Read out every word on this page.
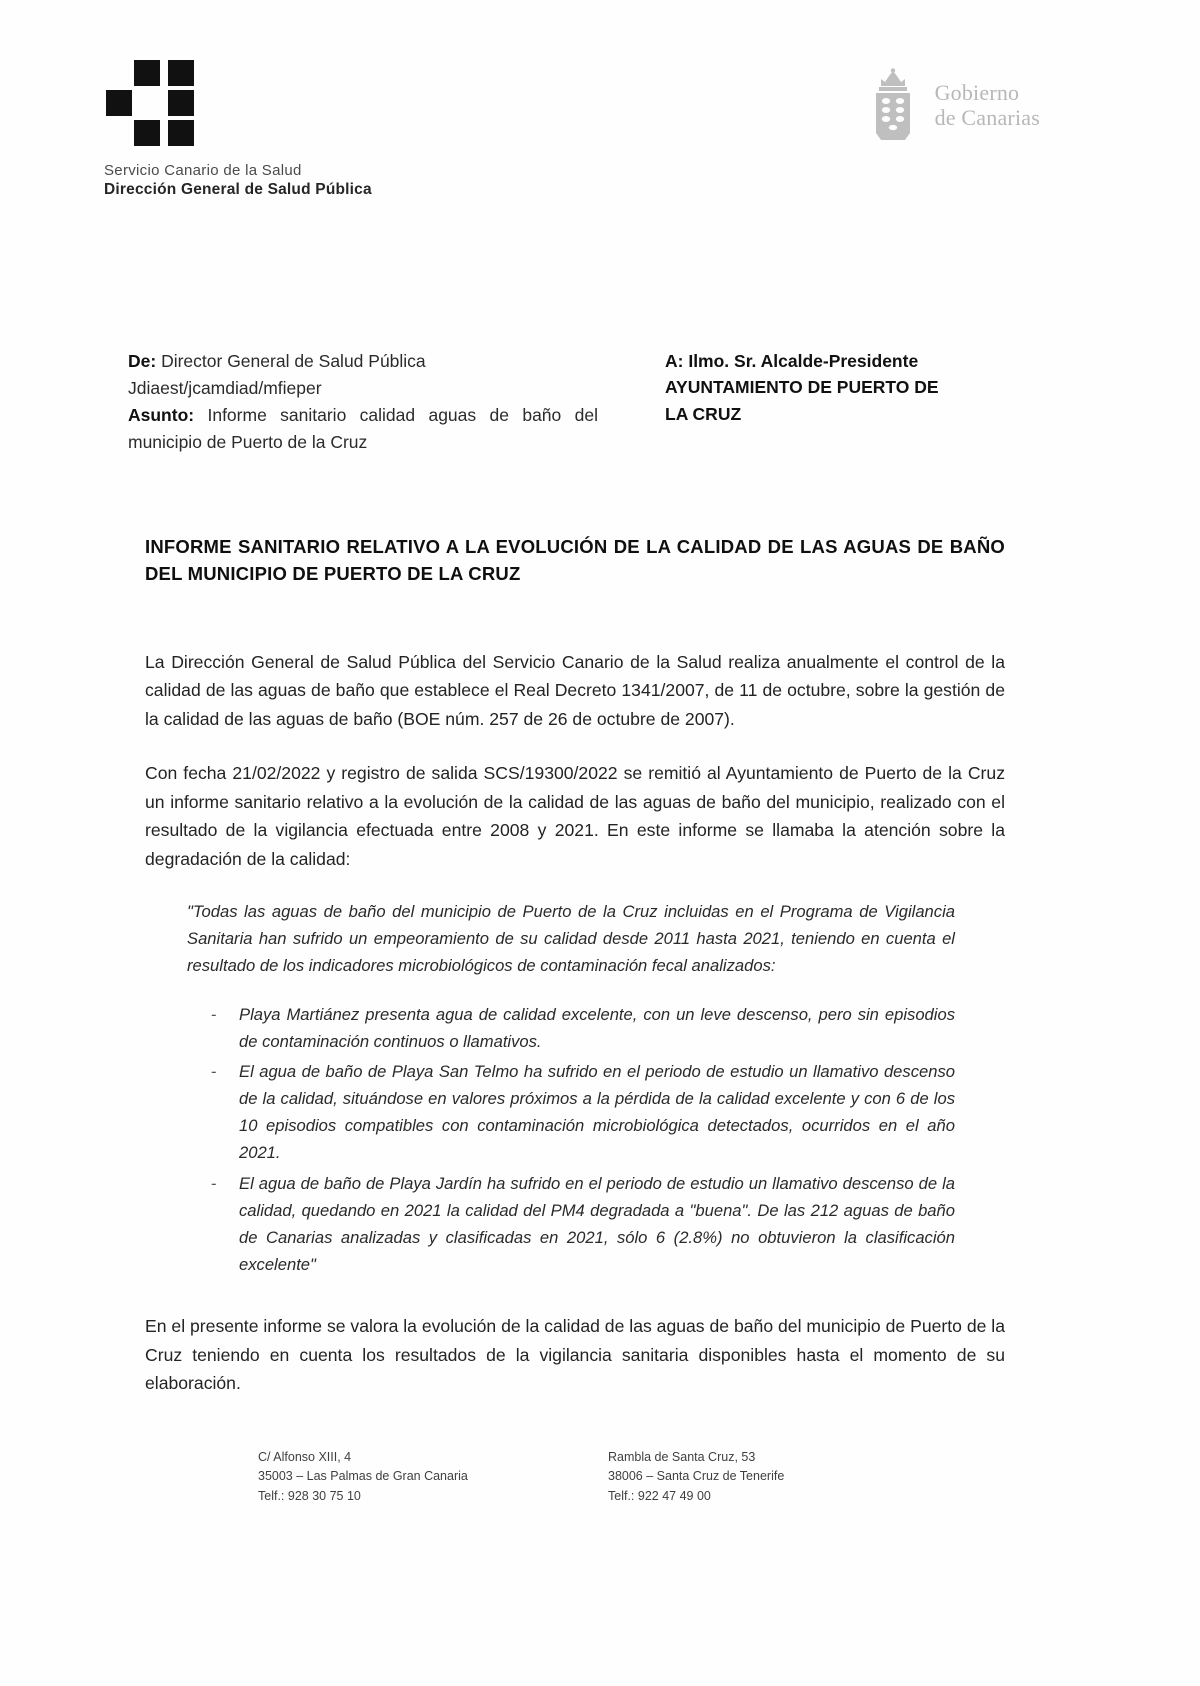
Servicio Canario de la Salud
Dirección General de Salud Pública
Gobierno
de Canarias
De: Director General de Salud Pública
Jdiaest/jcamdiad/mfieper
Asunto: Informe sanitario calidad aguas de baño del municipio de Puerto de la Cruz
A: Ilmo. Sr. Alcalde-Presidente
AYUNTAMIENTO DE PUERTO DE
LA CRUZ
INFORME SANITARIO RELATIVO A LA EVOLUCIÓN DE LA CALIDAD DE LAS AGUAS DE BAÑO DEL MUNICIPIO DE PUERTO DE LA CRUZ

La Dirección General de Salud Pública del Servicio Canario de la Salud realiza anualmente el control de la calidad de las aguas de baño que establece el Real Decreto 1341/2007, de 11 de octubre, sobre la gestión de la calidad de las aguas de baño (BOE núm. 257 de 26 de octubre de 2007).

Con fecha 21/02/2022 y registro de salida SCS/19300/2022 se remitió al Ayuntamiento de Puerto de la Cruz un informe sanitario relativo a la evolución de la calidad de las aguas de baño del municipio, realizado con el resultado de la vigilancia efectuada entre 2008 y 2021. En este informe se llamaba la atención sobre la degradación de la calidad:

"Todas las aguas de baño del municipio de Puerto de la Cruz incluidas en el Programa de Vigilancia Sanitaria han sufrido un empeoramiento de su calidad desde 2011 hasta 2021, teniendo en cuenta el resultado de los indicadores microbiológicos de contaminación fecal analizados:
- Playa Martiánez presenta agua de calidad excelente, con un leve descenso, pero sin episodios de contaminación continuos o llamativos.
- El agua de baño de Playa San Telmo ha sufrido en el periodo de estudio un llamativo descenso de la calidad, situándose en valores próximos a la pérdida de la calidad excelente y con 6 de los 10 episodios compatibles con contaminación microbiológica detectados, ocurridos en el año 2021.
- El agua de baño de Playa Jardín ha sufrido en el periodo de estudio un llamativo descenso de la calidad, quedando en 2021 la calidad del PM4 degradada a "buena". De las 212 aguas de baño de Canarias analizadas y clasificadas en 2021, sólo 6 (2.8%) no obtuvieron la clasificación excelente"

En el presente informe se valora la evolución de la calidad de las aguas de baño del municipio de Puerto de la Cruz teniendo en cuenta los resultados de la vigilancia sanitaria disponibles hasta el momento de su elaboración.

C/ Alfonso XIII, 4
35003 – Las Palmas de Gran Canaria
Telf.: 928 30 75 10
Rambla de Santa Cruz, 53
38006 – Santa Cruz de Tenerife
Telf.: 922 47 49 00
